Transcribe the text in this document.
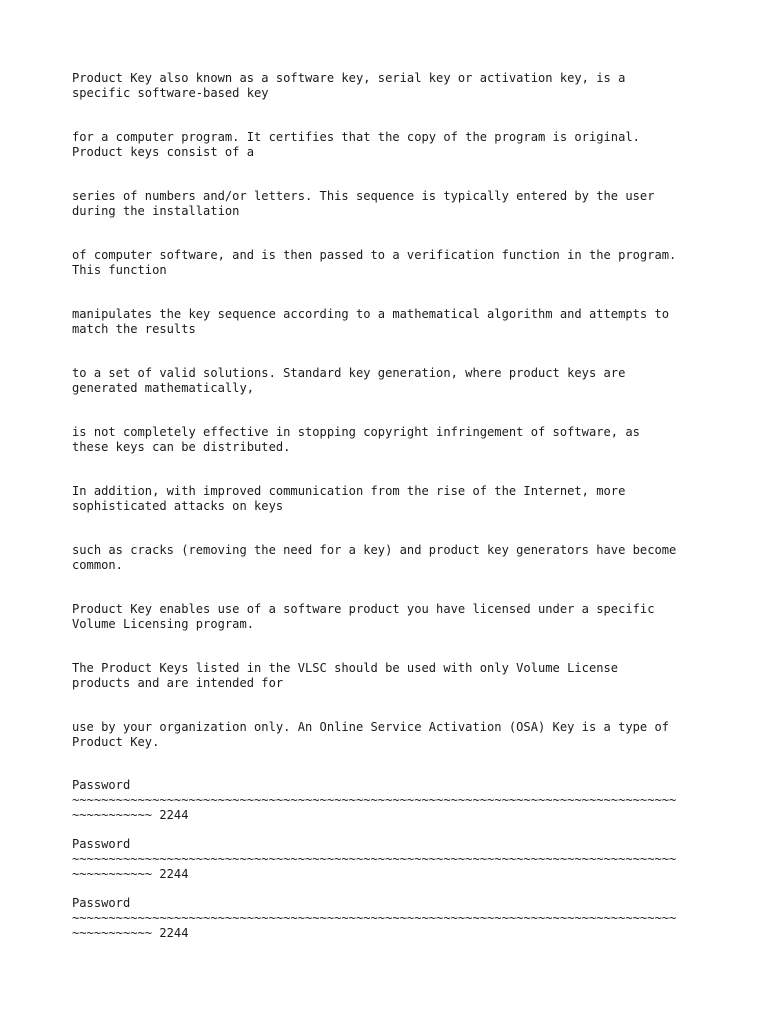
Product Key also known as a software key, serial key or activation key, is a
specific software-based key

for a computer program. It certifies that the copy of the program is original.
Product keys consist of a

series of numbers and/or letters. This sequence is typically entered by the user
during the installation

of computer software, and is then passed to a verification function in the program.
This function

manipulates the key sequence according to a mathematical algorithm and attempts to
match the results

to a set of valid solutions. Standard key generation, where product keys are
generated mathematically,

is not completely effective in stopping copyright infringement of software, as
these keys can be distributed.

In addition, with improved communication from the rise of the Internet, more
sophisticated attacks on keys

such as cracks (removing the need for a key) and product key generators have become
common.

Product Key enables use of a software product you have licensed under a specific
Volume Licensing program.

The Product Keys listed in the VLSC should be used with only Volume License
products and are intended for

use by your organization only. An Online Service Activation (OSA) Key is a type of
Product Key.

Password
~~~~~~~~~~~~~~~~~~~~~~~~~~~~~~~~~~~~~~~~~~~~~~~~~~~~~~~~~~~~~~~~~~~~~~~~~~~~~~~~~~~
~~~~~~~~~~~ 2244
Password
~~~~~~~~~~~~~~~~~~~~~~~~~~~~~~~~~~~~~~~~~~~~~~~~~~~~~~~~~~~~~~~~~~~~~~~~~~~~~~~~~~~
~~~~~~~~~~~ 2244
Password
~~~~~~~~~~~~~~~~~~~~~~~~~~~~~~~~~~~~~~~~~~~~~~~~~~~~~~~~~~~~~~~~~~~~~~~~~~~~~~~~~~~
~~~~~~~~~~~ 2244
